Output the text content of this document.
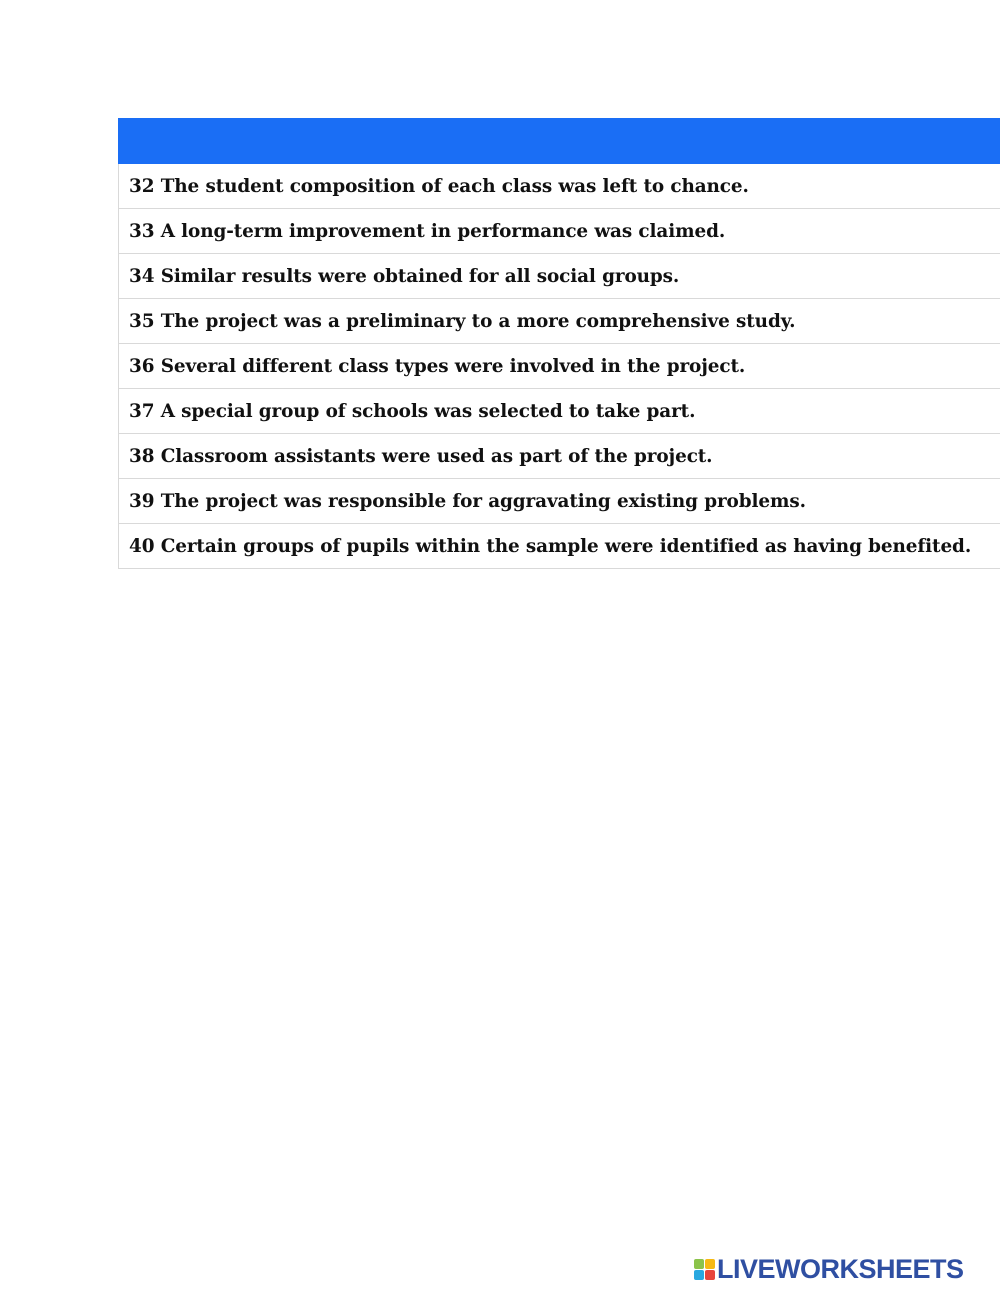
32 The student composition of each class was left to chance.
33 A long-term improvement in performance was claimed.
34 Similar results were obtained for all social groups.
35 The project was a preliminary to a more comprehensive study.
36 Several different class types were involved in the project.
37 A special group of schools was selected to take part.
38 Classroom assistants were used as part of the project.
39 The project was responsible for aggravating existing problems.
40 Certain groups of pupils within the sample were identified as having benefited.
LIVEWORKSHEETS
